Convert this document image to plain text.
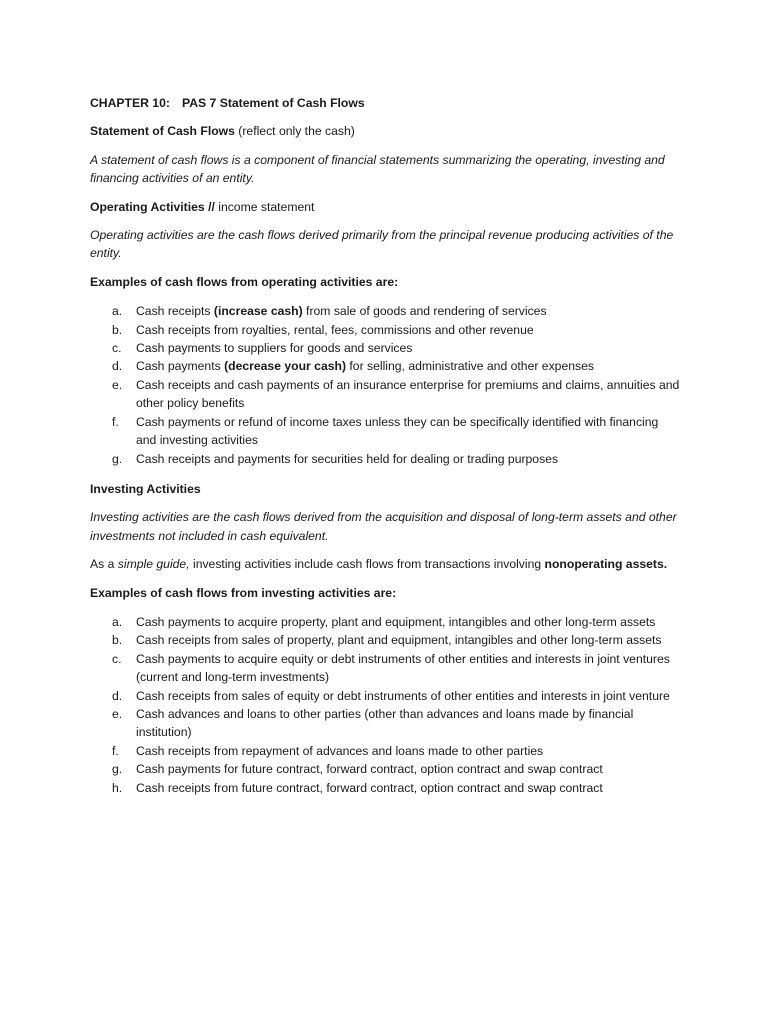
CHAPTER 10: PAS 7 Statement of Cash Flows

Statement of Cash Flows (reflect only the cash)

A statement of cash flows is a component of financial statements summarizing the operating, investing and financing activities of an entity.

Operating Activities // income statement

Operating activities are the cash flows derived primarily from the principal revenue producing activities of the entity.

Examples of cash flows from operating activities are:

a. Cash receipts (increase cash) from sale of goods and rendering of services
b. Cash receipts from royalties, rental, fees, commissions and other revenue
c. Cash payments to suppliers for goods and services
d. Cash payments (decrease your cash) for selling, administrative and other expenses
e. Cash receipts and cash payments of an insurance enterprise for premiums and claims, annuities and other policy benefits
f. Cash payments or refund of income taxes unless they can be specifically identified with financing and investing activities
g. Cash receipts and payments for securities held for dealing or trading purposes

Investing Activities

Investing activities are the cash flows derived from the acquisition and disposal of long-term assets and other investments not included in cash equivalent.

As a simple guide, investing activities include cash flows from transactions involving nonoperating assets.

Examples of cash flows from investing activities are:

a. Cash payments to acquire property, plant and equipment, intangibles and other long-term assets
b. Cash receipts from sales of property, plant and equipment, intangibles and other long-term assets
c. Cash payments to acquire equity or debt instruments of other entities and interests in joint ventures (current and long-term investments)
d. Cash receipts from sales of equity or debt instruments of other entities and interests in joint venture
e. Cash advances and loans to other parties (other than advances and loans made by financial institution)
f. Cash receipts from repayment of advances and loans made to other parties
g. Cash payments for future contract, forward contract, option contract and swap contract
h. Cash receipts from future contract, forward contract, option contract and swap contract
